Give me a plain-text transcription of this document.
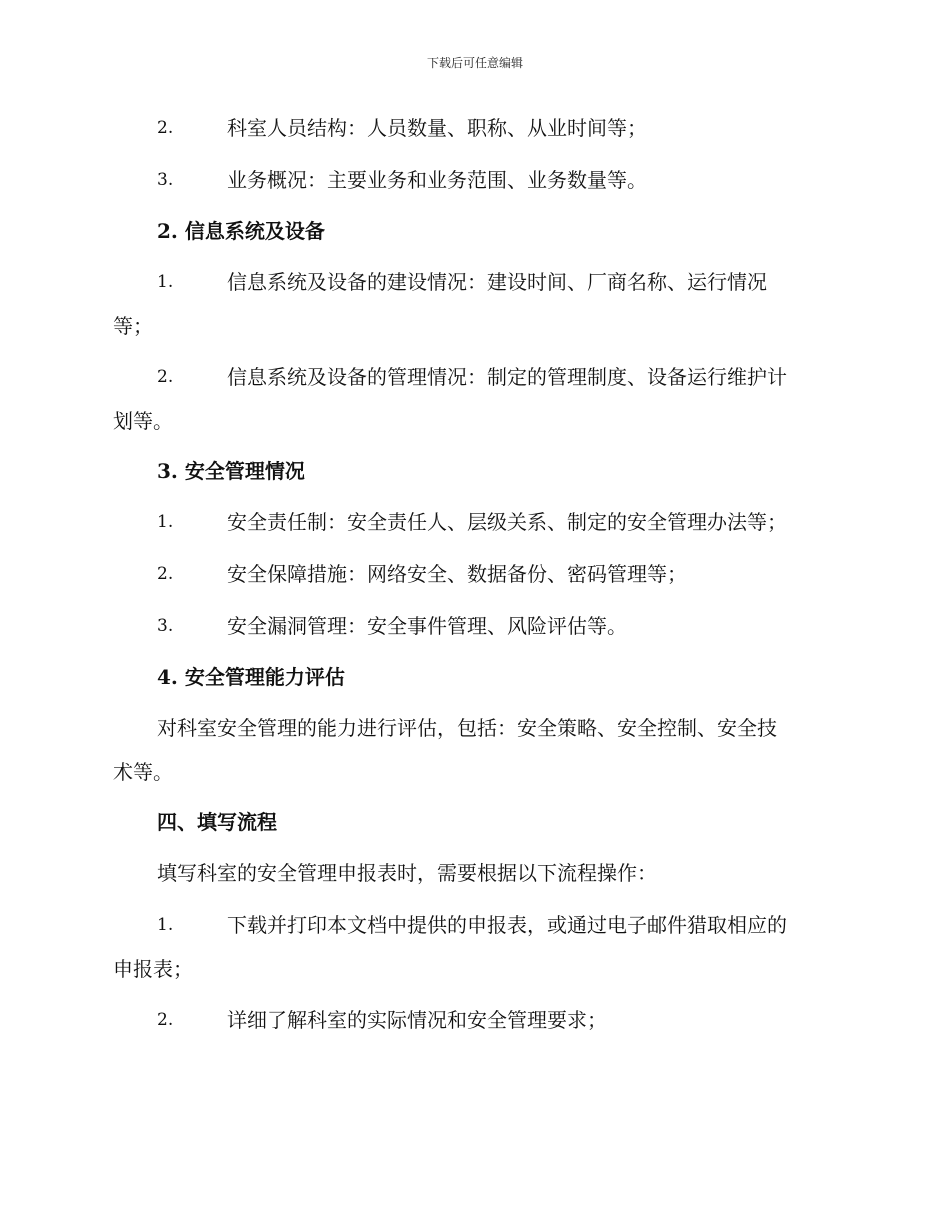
下载后可任意编辑
2.	科室人员结构：人员数量、职称、从业时间等；
3.	业务概况：主要业务和业务范围、业务数量等。
2. 信息系统及设备
1.	信息系统及设备的建设情况：建设时间、厂商名称、运行情况
等；
2.	信息系统及设备的管理情况：制定的管理制度、设备运行维护计
划等。
3. 安全管理情况
1.	安全责任制：安全责任人、层级关系、制定的安全管理办法等；
2.	安全保障措施：网络安全、数据备份、密码管理等；
3.	安全漏洞管理：安全事件管理、风险评估等。
4. 安全管理能力评估
对科室安全管理的能力进行评估，包括：安全策略、安全控制、安全技
术等。
四、填写流程
填写科室的安全管理申报表时，需要根据以下流程操作：
1.	下载并打印本文档中提供的申报表，或通过电子邮件猎取相应的
申报表；
2.	详细了解科室的实际情况和安全管理要求；
